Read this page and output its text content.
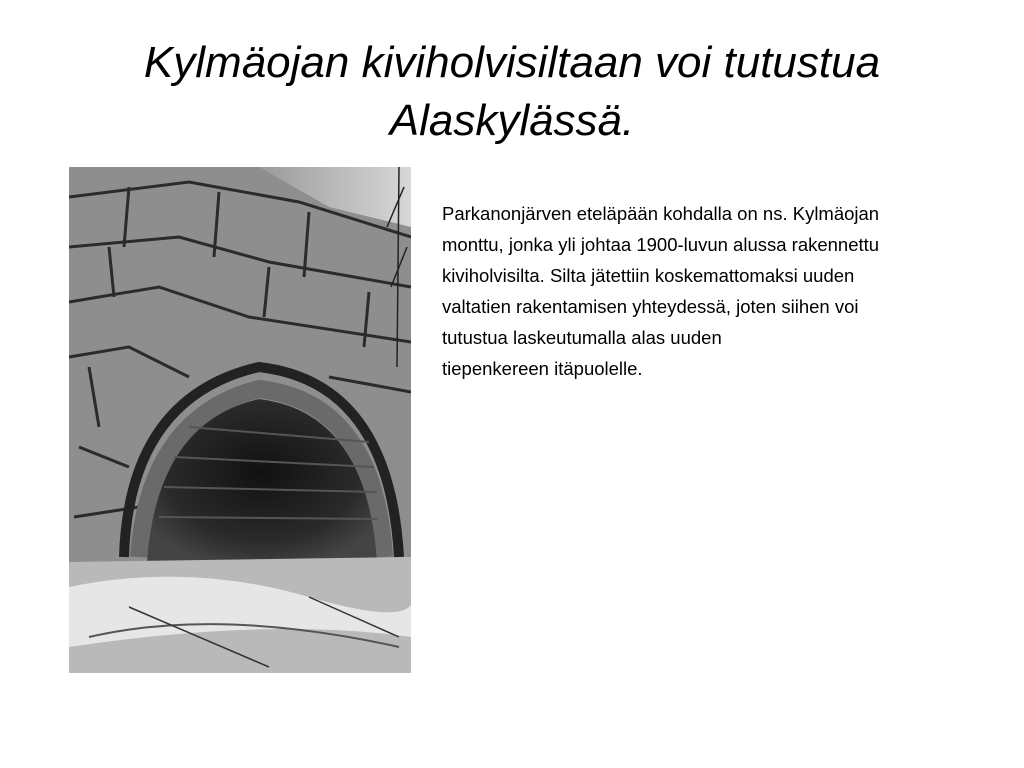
Kylmäojan kiviholvisiltaan voi tutustua
Alaskylässä.
Parkanonjärven eteläpään kohdalla on ns. Kylmäojan
monttu, jonka yli johtaa 1900-luvun alussa rakennettu
kiviholvisilta. Silta jätettiin koskemattomaksi uuden
valtatien rakentamisen yhteydessä, joten siihen voi
tutustua laskeutumalla alas uuden
tiepenkereen itäpuolelle.
